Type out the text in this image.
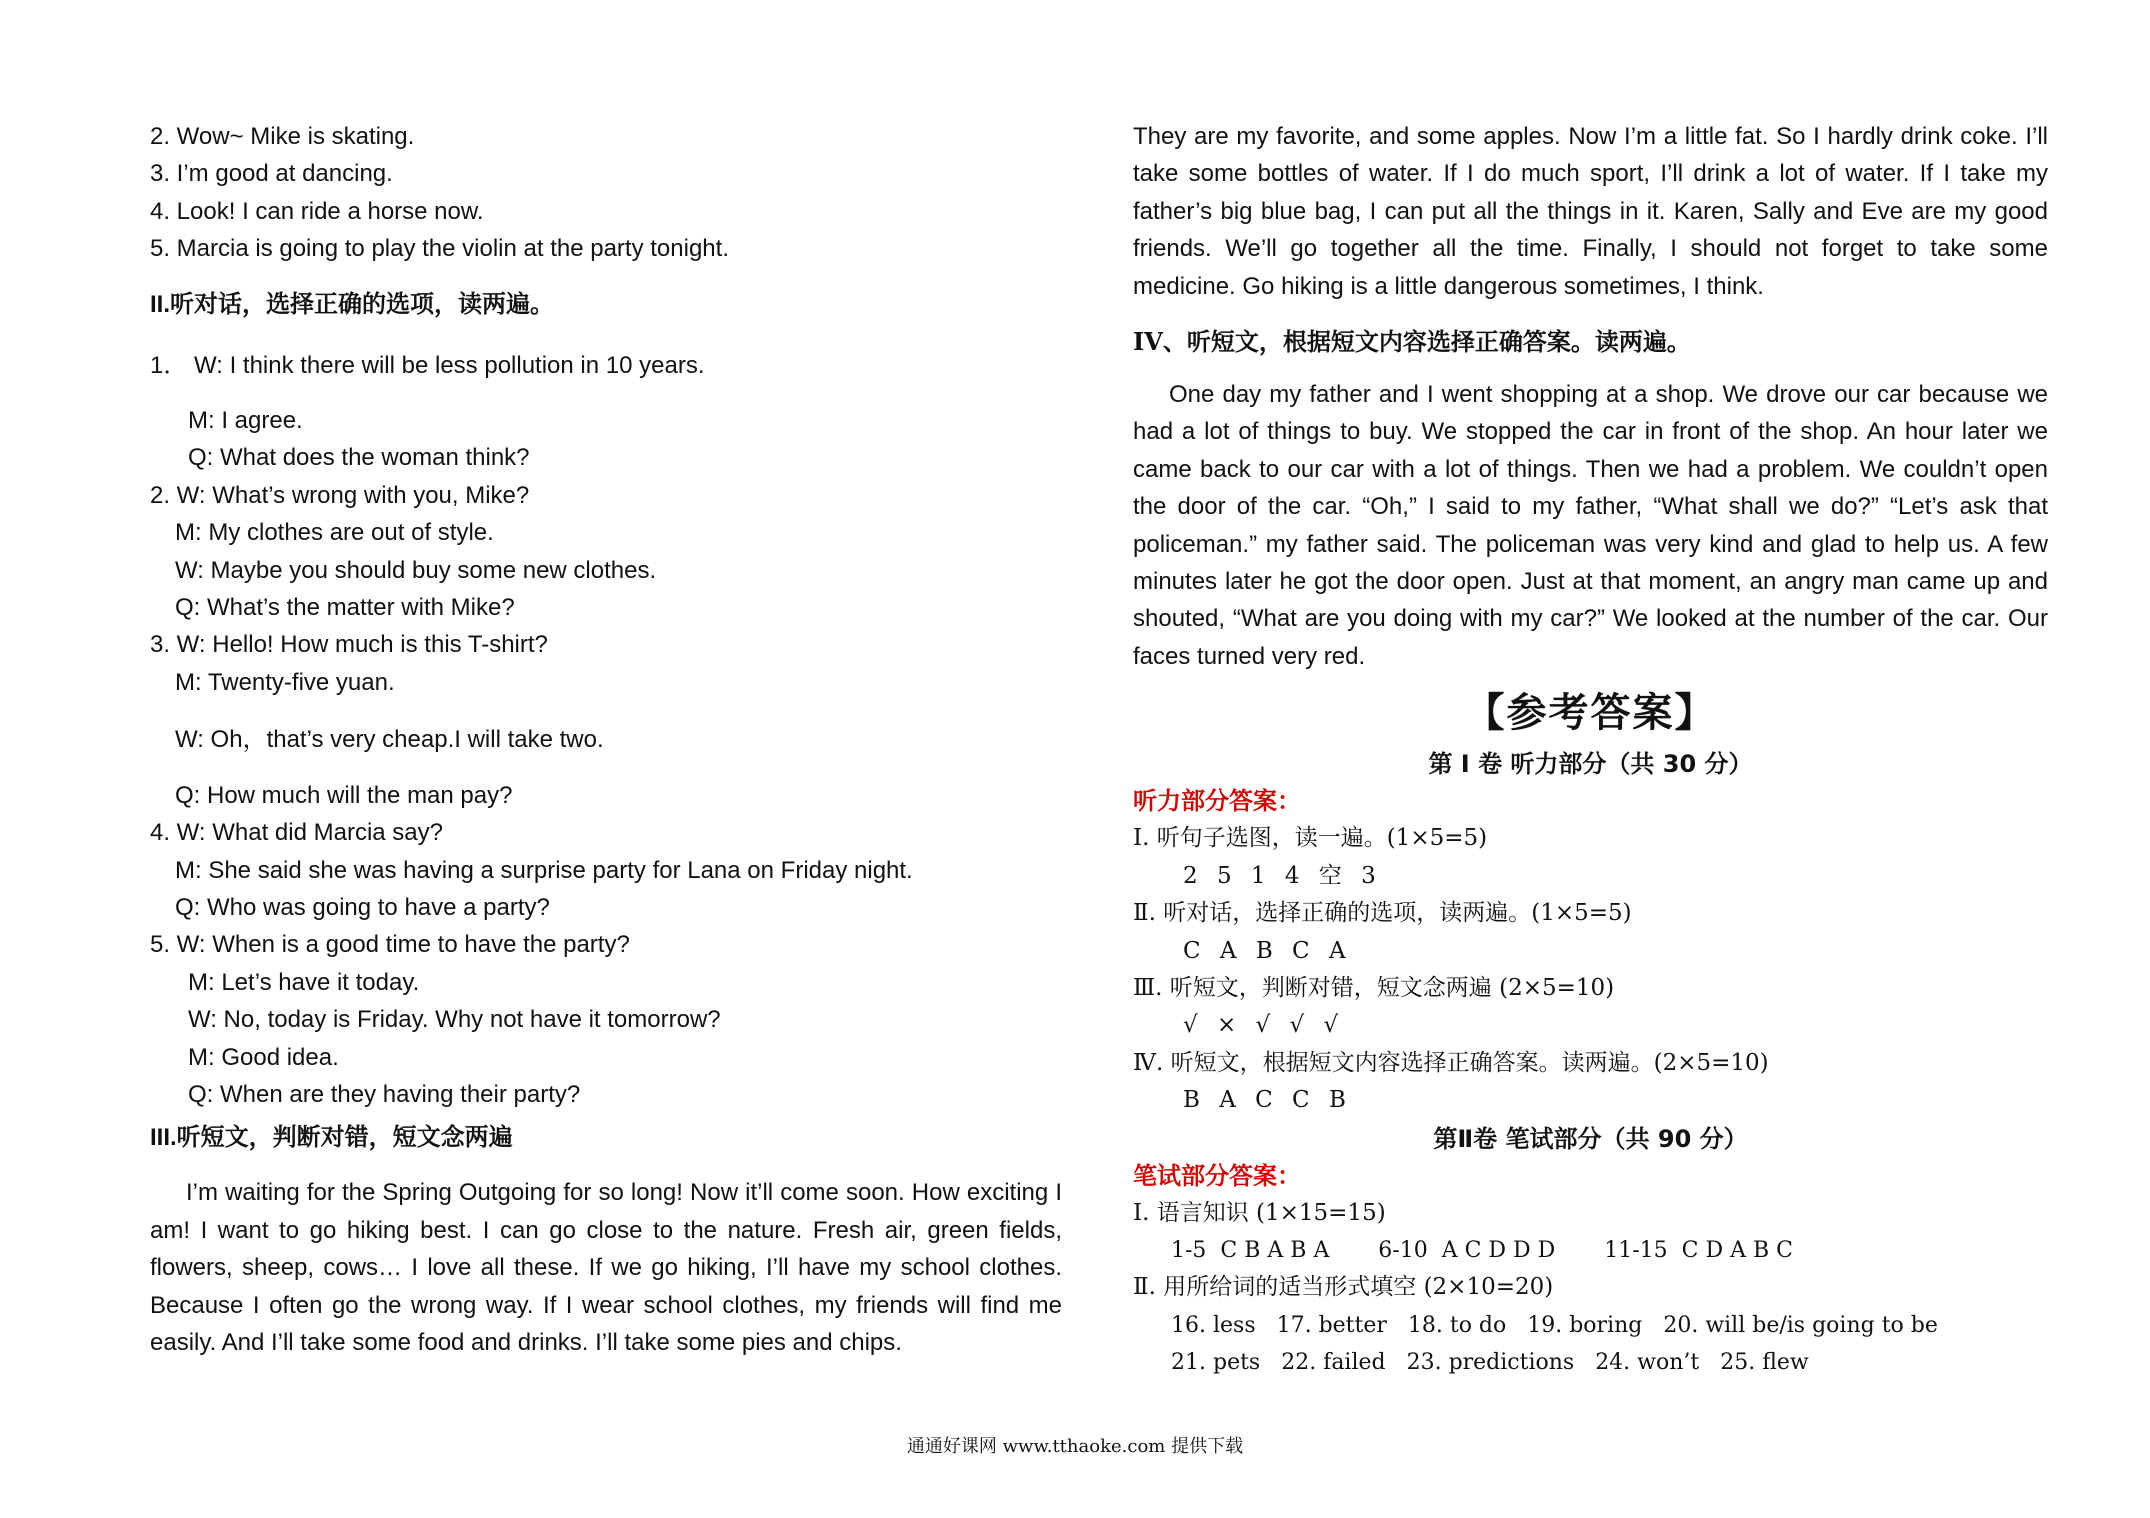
2. Wow~ Mike is skating.
3. I’m good at dancing.
4. Look! I can ride a horse now.
5. Marcia is going to play the violin at the party tonight.
II.听对话，选择正确的选项，读两遍。
1． W: I think there will be less pollution in 10 years.
M: I agree.
Q: What does the woman think?
2. W: What’s wrong with you, Mike?
M: My clothes are out of style.
W: Maybe you should buy some new clothes.
Q: What’s the matter with Mike?
3. W: Hello! How much is this T-shirt?
M: Twenty-five yuan.
W: Oh，that’s very cheap.I will take two.
Q: How much will the man pay?
4. W: What did Marcia say?
M: She said she was having a surprise party for Lana on Friday night.
Q: Who was going to have a party?
5. W: When is a good time to have the party?
M: Let’s have it today.
W: No, today is Friday. Why not have it tomorrow?
M: Good idea.
Q: When are they having their party?
III.听短文，判断对错，短文念两遍

I’m waiting for the Spring Outgoing for so long! Now it’ll come soon. How exciting I am! I want to go hiking best. I can go close to the nature. Fresh air, green fields, flowers, sheep, cows… I love all these. If we go hiking, I’ll have my school clothes. Because I often go the wrong way. If I wear school clothes, my friends will find me easily. And I’ll take some food and drinks. I’ll take some pies and chips.

They are my favorite, and some apples. Now I’m a little fat. So I hardly drink coke. I’ll take some bottles of water. If I do much sport, I’ll drink a lot of water. If I take my father’s big blue bag, I can put all the things in it. Karen, Sally and Eve are my good friends. We’ll go together all the time. Finally, I should not forget to take some medicine. Go hiking is a little dangerous sometimes, I think.

IV、听短文，根据短文内容选择正确答案。读两遍。

One day my father and I went shopping at a shop. We drove our car because we had a lot of things to buy. We stopped the car in front of the shop. An hour later we came back to our car with a lot of things. Then we had a problem. We couldn’t open the door of the car. “Oh,” I said to my father, “What shall we do?” “Let’s ask that policeman.” my father said. The policeman was very kind and glad to help us. A few minutes later he got the door open. Just at that moment, an angry man came up and shouted, “What are you doing with my car?” We looked at the number of the car. Our faces turned very red.

【参考答案】
第 I 卷 听力部分（共 30 分）
听力部分答案：
I. 听句子选图，读一遍。(1×5=5)
2 5 1 4 空 3
Ⅱ. 听对话，选择正确的选项，读两遍。(1×5=5)
C A B C A
Ⅲ. 听短文，判断对错，短文念两遍 (2×5=10)
√ × √ √ √
Ⅳ. 听短文，根据短文内容选择正确答案。读两遍。(2×5=10)
B A C C B
第Ⅱ卷 笔试部分（共 90 分）
笔试部分答案：
Ⅰ. 语言知识 (1×15=15)
1-5  C B A B A       6-10  A C D D D       11-15  C D A B C
Ⅱ. 用所给词的适当形式填空 (2×10=20)
16. less   17. better   18. to do   19. boring   20. will be/is going to be
21. pets   22. failed   23. predictions   24. won’t   25. flew
通通好课网 www.tthaoke.com 提供下载
